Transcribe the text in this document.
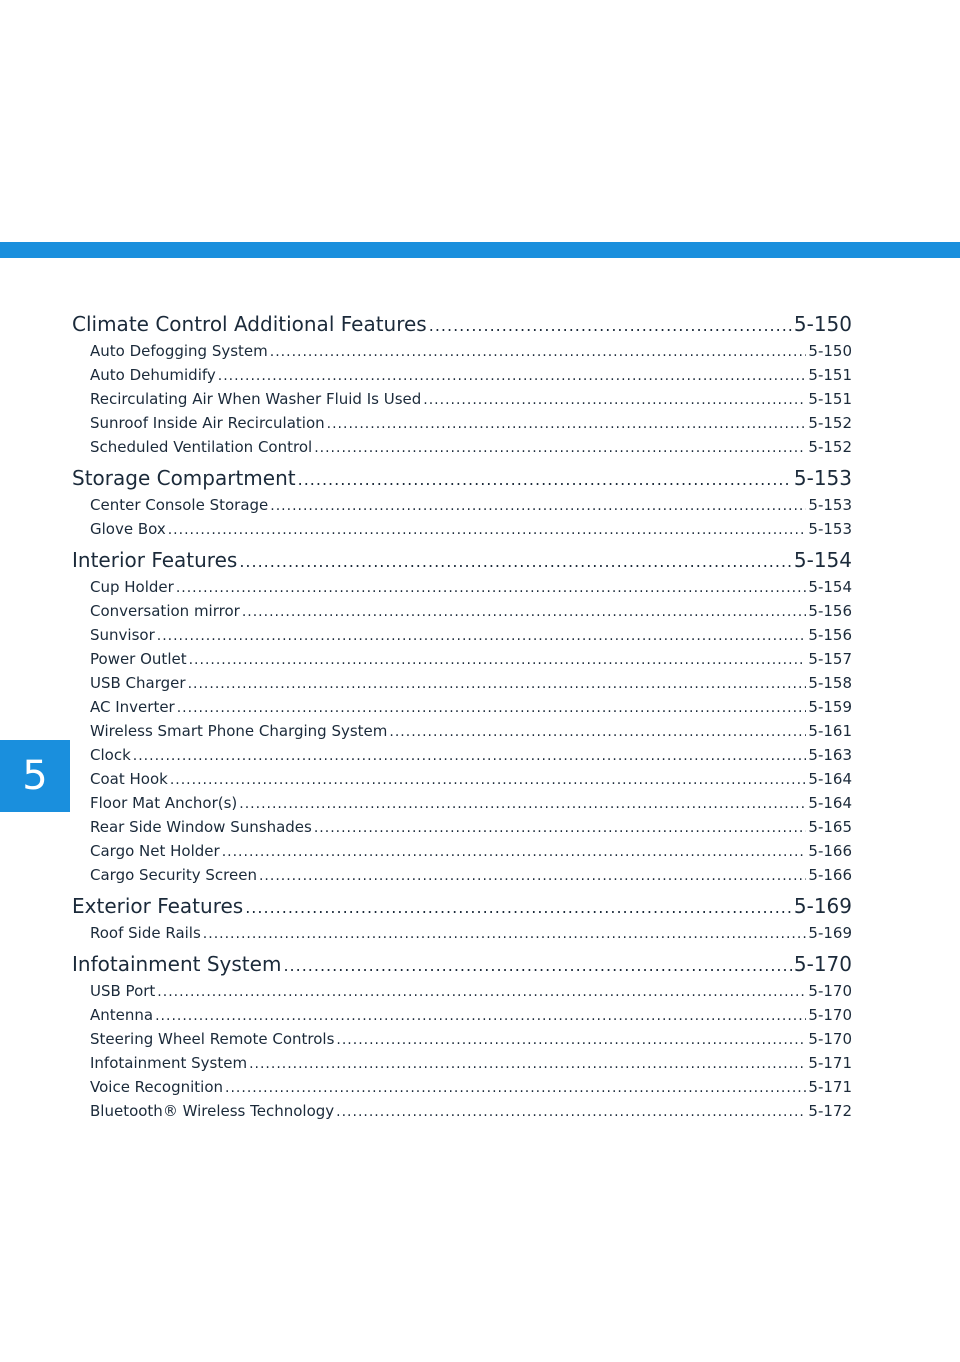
5
Climate Control Additional Features .....	5-150
Auto Defogging System .....	5-150
Auto Dehumidify .....	5-151
Recirculating Air When Washer Fluid Is Used .....	5-151
Sunroof Inside Air Recirculation .....	5-152
Scheduled Ventilation Control .....	5-152
Storage Compartment .....	5-153
Center Console Storage .....	5-153
Glove Box .....	5-153
Interior Features .....	5-154
Cup Holder .....	5-154
Conversation mirror .....	5-156
Sunvisor .....	5-156
Power Outlet .....	5-157
USB Charger .....	5-158
AC Inverter .....	5-159
Wireless Smart Phone Charging System .....	5-161
Clock .....	5-163
Coat Hook .....	5-164
Floor Mat Anchor(s) .....	5-164
Rear Side Window Sunshades .....	5-165
Cargo Net Holder .....	5-166
Cargo Security Screen .....	5-166
Exterior Features .....	5-169
Roof Side Rails .....	5-169
Infotainment System .....	5-170
USB Port .....	5-170
Antenna .....	5-170
Steering Wheel Remote Controls .....	5-170
Infotainment System .....	5-171
Voice Recognition .....	5-171
Bluetooth® Wireless Technology .....	5-172
